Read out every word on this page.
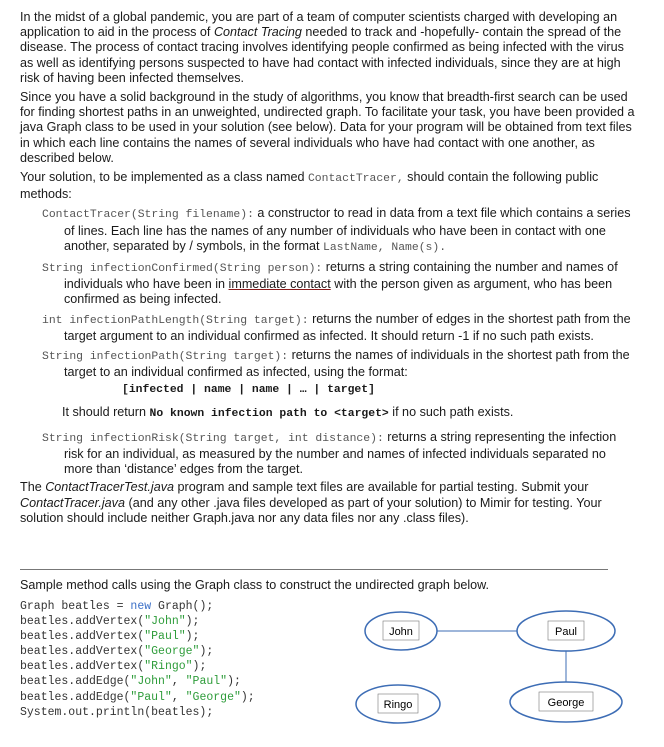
In the midst of a global pandemic, you are part of a team of computer scientists charged with developing an application to aid in the process of Contact Tracing needed to track and -hopefully- contain the spread of the disease. The process of contact tracing involves identifying people confirmed as being infected with the virus as well as identifying persons suspected to have had contact with infected individuals, since they are at high risk of having been infected themselves.

Since you have a solid background in the study of algorithms, you know that breadth-first search can be used for finding shortest paths in an unweighted, undirected graph. To facilitate your task, you have been provided a java Graph class to be used in your solution (see below). Data for your program will be obtained from text files in which each line contains the names of several individuals who have had contact with one another, as described below.

Your solution, to be implemented as a class named ContactTracer, should contain the following public methods:

ContactTracer(String filename): a constructor to read in data from a text file which contains a series of lines. Each line has the names of any number of individuals who have been in contact with one another, separated by / symbols, in the format LastName, Name(s).
String infectionConfirmed(String person): returns a string containing the number and names of individuals who have been in immediate contact with the person given as argument, who has been confirmed as being infected.
int infectionPathLength(String target): returns the number of edges in the shortest path from the target argument to an individual confirmed as infected. It should return -1 if no such path exists.
String infectionPath(String target): returns the names of individuals in the shortest path from the target to an individual confirmed as infected, using the format:
[infected | name | name | … | target]
It should return No known infection path to <target> if no such path exists.
String infectionRisk(String target, int distance): returns a string representing the infection risk for an individual, as measured by the number and names of infected individuals separated no more than ‘distance’ edges from the target.

The ContactTracerTest.java program and sample text files are available for partial testing. Submit your ContactTracer.java (and any other .java files developed as part of your solution) to Mimir for testing. Your solution should include neither Graph.java nor any data files nor any .class files).

Sample method calls using the Graph class to construct the undirected graph below.
Graph beatles = new Graph();
beatles.addVertex("John");
beatles.addVertex("Paul");
beatles.addVertex("George");
beatles.addVertex("Ringo");
beatles.addEdge("John", "Paul");
beatles.addEdge("Paul", "George");
System.out.println(beatles);
John	Paul
Ringo	George
